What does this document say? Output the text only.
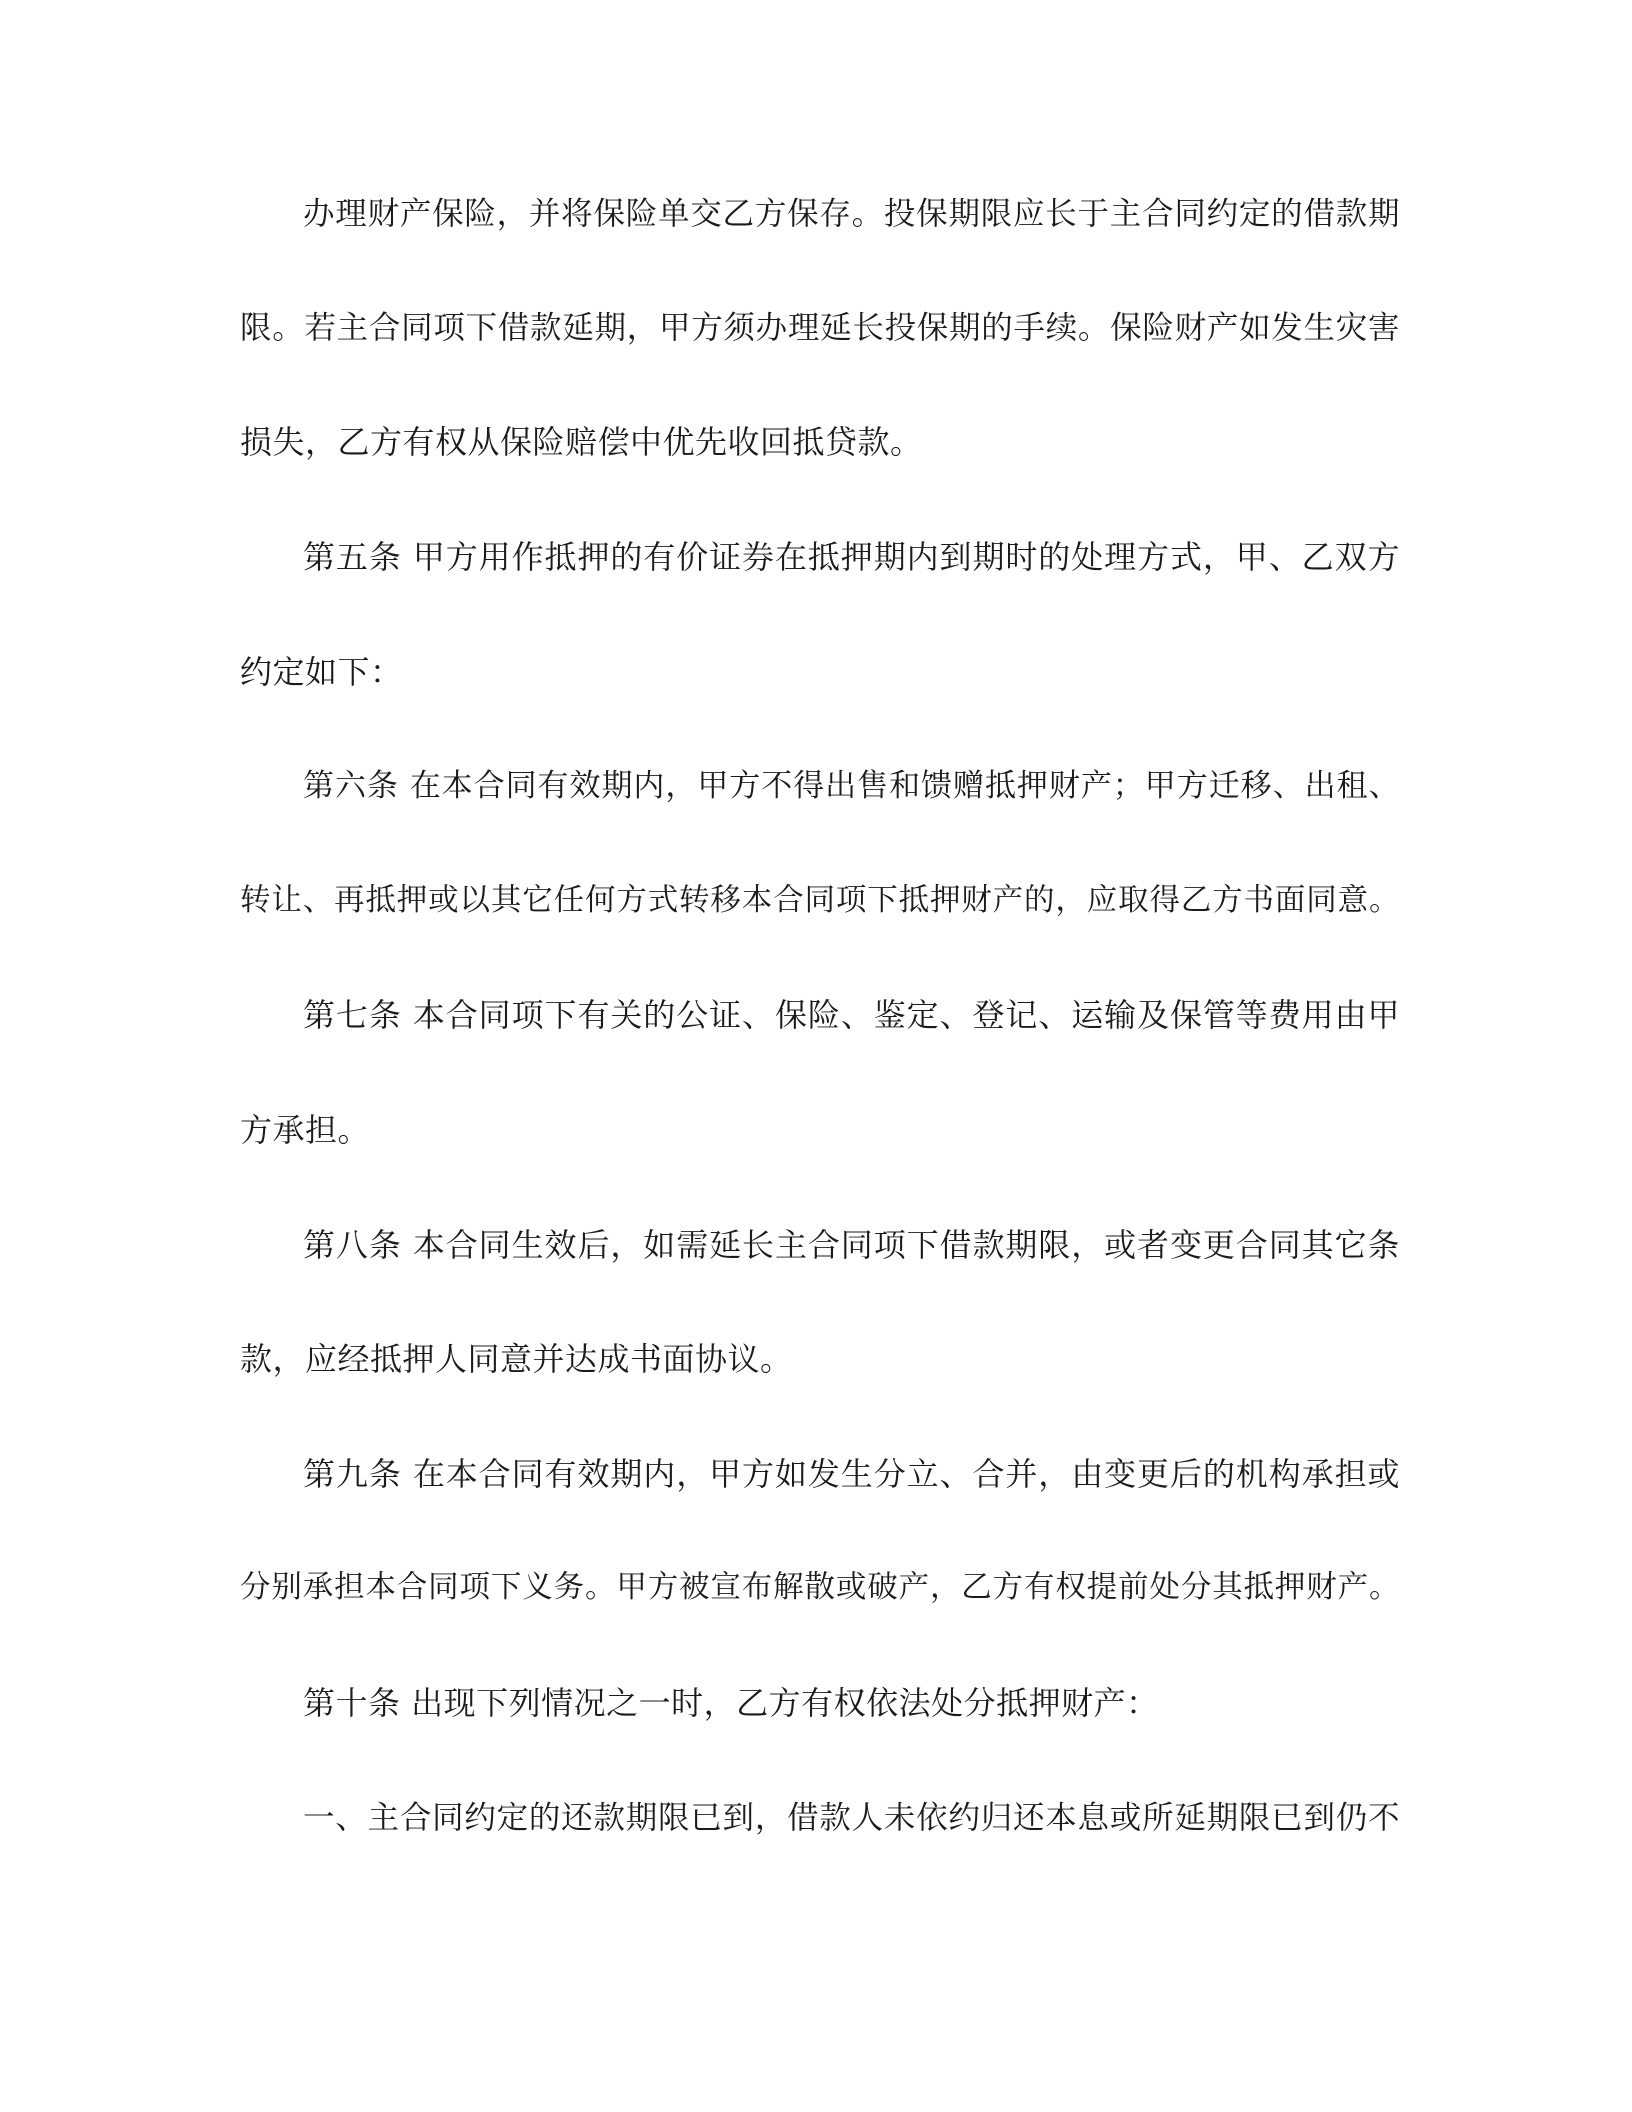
办理财产保险，并将保险单交乙方保存。投保期限应长于主合同约定的借款期
限。若主合同项下借款延期，甲方须办理延长投保期的手续。保险财产如发生灾害
损失，乙方有权从保险赔偿中优先收回抵贷款。
第五条 甲方用作抵押的有价证券在抵押期内到期时的处理方式，甲、乙双方
约定如下：
第六条 在本合同有效期内，甲方不得出售和馈赠抵押财产；甲方迁移、出租、
转让、再抵押或以其它任何方式转移本合同项下抵押财产的，应取得乙方书面同意。
第七条 本合同项下有关的公证、保险、鉴定、登记、运输及保管等费用由甲
方承担。
第八条 本合同生效后，如需延长主合同项下借款期限，或者变更合同其它条
款，应经抵押人同意并达成书面协议。
第九条 在本合同有效期内，甲方如发生分立、合并，由变更后的机构承担或
分别承担本合同项下义务。甲方被宣布解散或破产，乙方有权提前处分其抵押财产。
第十条 出现下列情况之一时，乙方有权依法处分抵押财产：
一、主合同约定的还款期限已到，借款人未依约归还本息或所延期限已到仍不
